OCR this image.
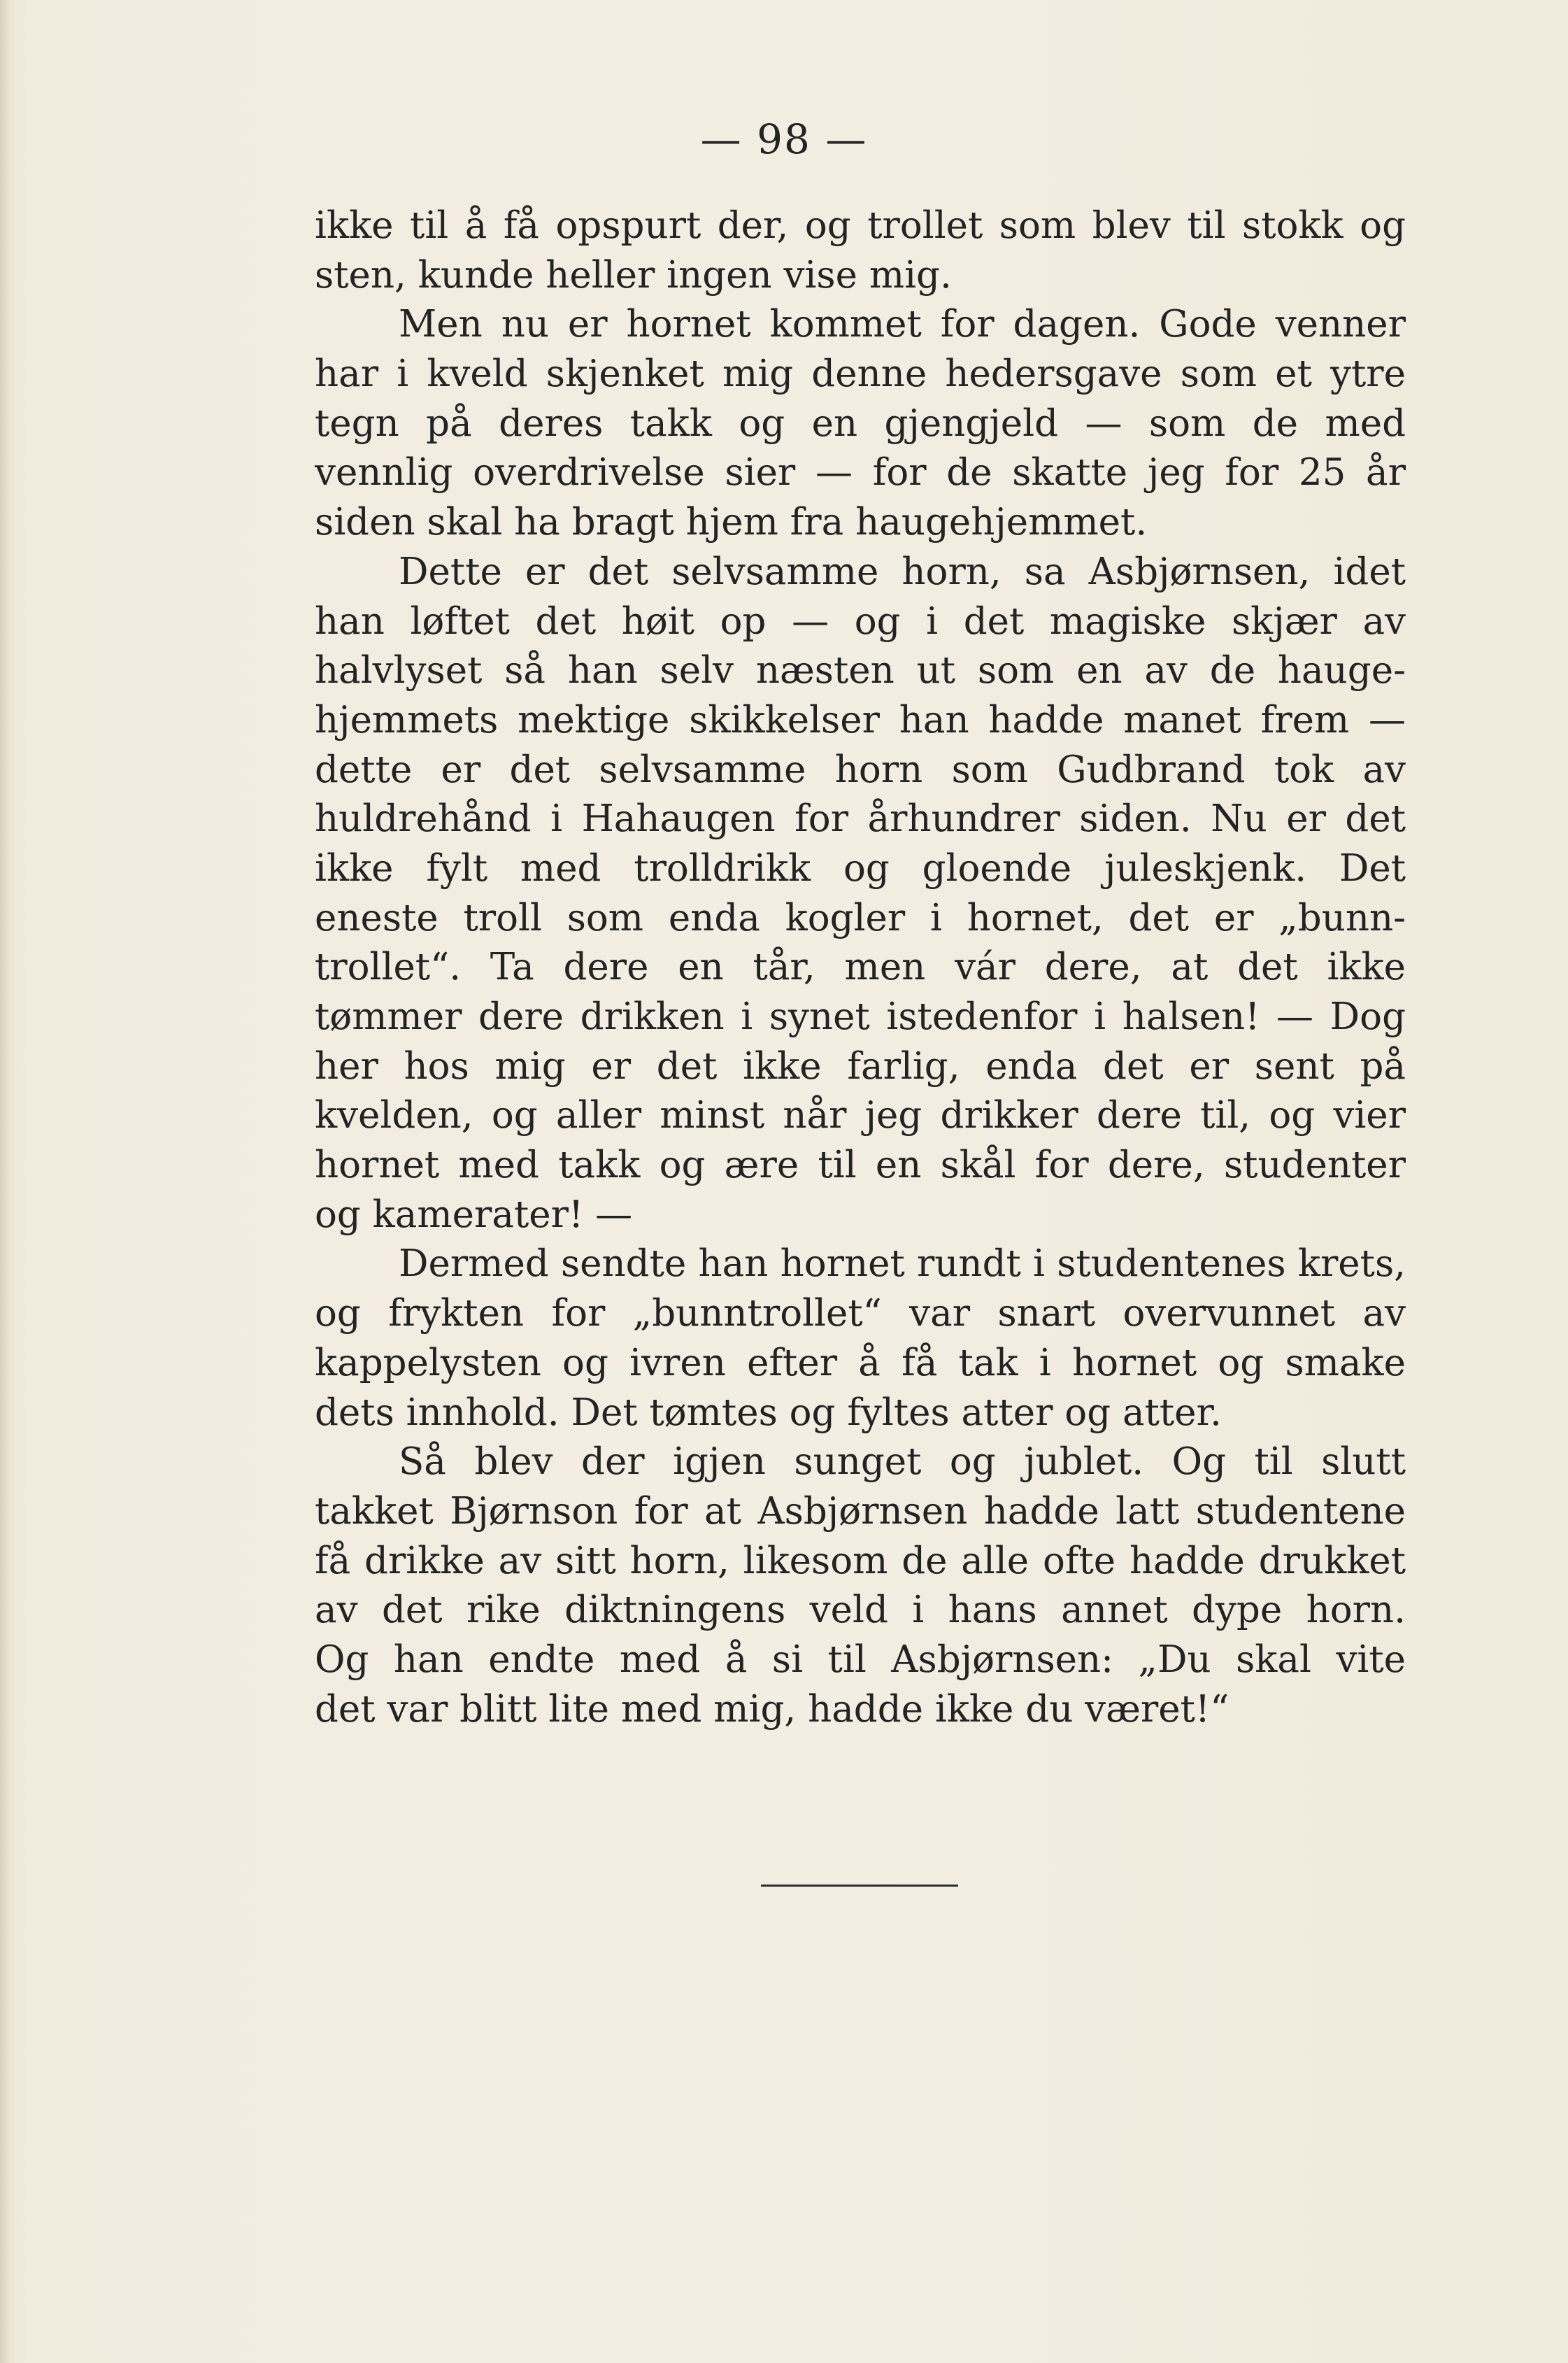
— 98 —
ikke til å få opspurt der, og trollet som blev til stokk og
sten, kunde heller ingen vise mig.
Men nu er hornet kommet for dagen. Gode venner
har i kveld skjenket mig denne hedersgave som et ytre
tegn på deres takk og en gjengjeld — som de med
vennlig overdrivelse sier — for de skatte jeg for 25 år
siden skal ha bragt hjem fra haugehjemmet.
Dette er det selvsamme horn, sa Asbjørnsen, idet
han løftet det høit op — og i det magiske skjær av
halvlyset så han selv næsten ut som en av de hauge-
hjemmets mektige skikkelser han hadde manet frem —
dette er det selvsamme horn som Gudbrand tok av
huldrehånd i Hahaugen for århundrer siden. Nu er det
ikke fylt med trolldrikk og gloende juleskjenk. Det
eneste troll som enda kogler i hornet, det er „bunn-
trollet“. Ta dere en tår, men vár dere, at det ikke
tømmer dere drikken i synet istedenfor i halsen! — Dog
her hos mig er det ikke farlig, enda det er sent på
kvelden, og aller minst når jeg drikker dere til, og vier
hornet med takk og ære til en skål for dere, studenter
og kamerater! —
Dermed sendte han hornet rundt i studentenes krets,
og frykten for „bunntrollet“ var snart overvunnet av
kappelysten og ivren efter å få tak i hornet og smake
dets innhold. Det tømtes og fyltes atter og atter.
Så blev der igjen sunget og jublet. Og til slutt
takket Bjørnson for at Asbjørnsen hadde latt studentene
få drikke av sitt horn, likesom de alle ofte hadde drukket
av det rike diktningens veld i hans annet dype horn.
Og han endte med å si til Asbjørnsen: „Du skal vite
det var blitt lite med mig, hadde ikke du været!“
